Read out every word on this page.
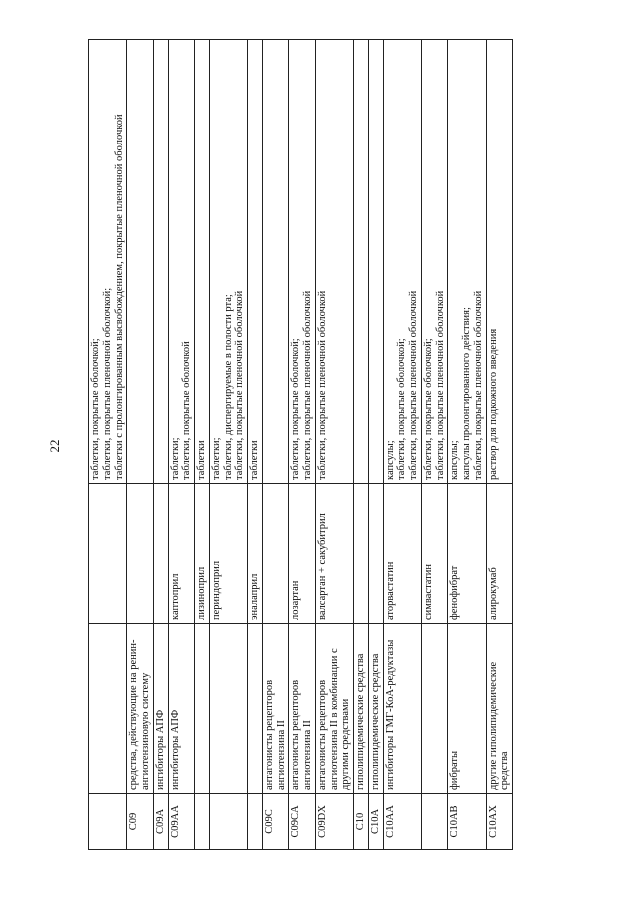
22

			таблетки, покрытые оболочкой; таблетки, покрытые пленочной оболочкой; таблетки с пролонгированным высвобождением, покрытые пленочной оболочкой

C09	средства, действующие на ренин-ангиотензиновую систему		
C09A	ингибиторы АПФ		
C09AA	ингибиторы АПФ	каптоприл	таблетки; таблетки, покрытые оболочкой

		лизиноприл	таблетки

		периндоприл	таблетки; таблетки, диспергируемые в полости рта; таблетки, покрытые пленочной оболочкой

		эналаприл	таблетки

C09C	антагонисты рецепторов ангиотензина II		
C09CA	антагонисты рецепторов ангиотензина II	лозартан	таблетки, покрытые оболочкой; таблетки, покрытые пленочной оболочкой

C09DX	антагонисты рецепторов ангиотензина II в комбинации с другими средствами	валсартан + сакубитрил	таблетки, покрытые пленочной оболочкой

C10	гиполипидемические средства		
C10A	гиполипидемические средства		
C10AA	ингибиторы ГМГ-КоА-редуктазы	аторвастатин	капсулы; таблетки, покрытые оболочкой; таблетки, покрытые пленочной оболочкой

		симвастатин	таблетки, покрытые оболочкой; таблетки, покрытые пленочной оболочкой

C10AB	фибраты	фенофибрат	капсулы; капсулы пролонгированного действия; таблетки, покрытые пленочной оболочкой

C10AX	другие гиполипидемические средства	алирокумаб	раствор для подкожного введения
